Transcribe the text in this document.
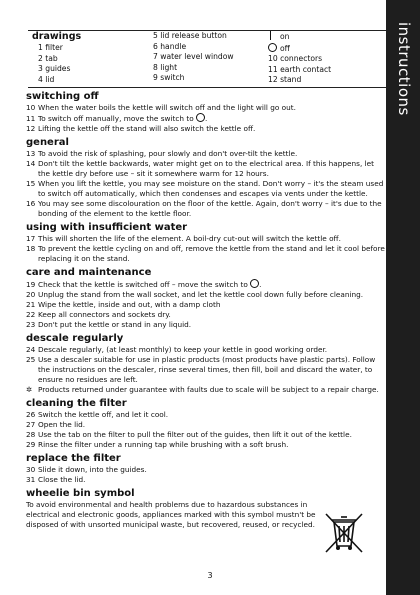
instructions
drawings
1 filter
2 tab
3 guides
4 lid
5 lid release button
6 handle
7 water level window
8 light
9 switch
on
off
10 connectors
11 earth contact
12 stand
switching off
10 When the water boils the kettle will switch off and the light will go out.
11 To switch off manually, move the switch to .
12 Lifting the kettle off the stand will also switch the kettle off.
general
13 To avoid the risk of splashing, pour slowly and don't over-tilt the kettle.
14 Don't tilt the kettle backwards, water might get on to the electrical area. If this happens, let the kettle dry before use – sit it somewhere warm for 12 hours.
15 When you lift the kettle, you may see moisture on the stand. Don't worry – it's the steam used to switch off automatically, which then condenses and escapes via vents under the kettle.
16 You may see some discolouration on the floor of the kettle. Again, don't worry – it's due to the bonding of the element to the kettle floor.
using with insufficient water
17 This will shorten the life of the element. A boil-dry cut-out will switch the kettle off.
18 To prevent the kettle cycling on and off, remove the kettle from the stand and let it cool before replacing it on the stand.
care and maintenance
19 Check that the kettle is switched off – move the switch to .
20 Unplug the stand from the wall socket, and let the kettle cool down fully before cleaning.
21 Wipe the kettle, inside and out, with a damp cloth
22 Keep all connectors and sockets dry.
23 Don't put the kettle or stand in any liquid.
descale regularly
24 Descale regularly, (at least monthly) to keep your kettle in good working order.
25 Use a descaler suitable for use in plastic products (most products have plastic parts). Follow the instructions on the descaler, rinse several times, then fill, boil and discard the water, to ensure no residues are left.
✲ Products returned under guarantee with faults due to scale will be subject to a repair charge.
cleaning the filter
26 Switch the kettle off, and let it cool.
27 Open the lid.
28 Use the tab on the filter to pull the filter out of the guides, then lift it out of the kettle.
29 Rinse the filter under a running tap while brushing with a soft brush.
replace the filter
30 Slide it down, into the guides.
31 Close the lid.
wheelie bin symbol
To avoid environmental and health problems due to hazardous substances in electrical and electronic goods, appliances marked with this symbol mustn't be disposed of with unsorted municipal waste, but recovered, reused, or recycled.
3
